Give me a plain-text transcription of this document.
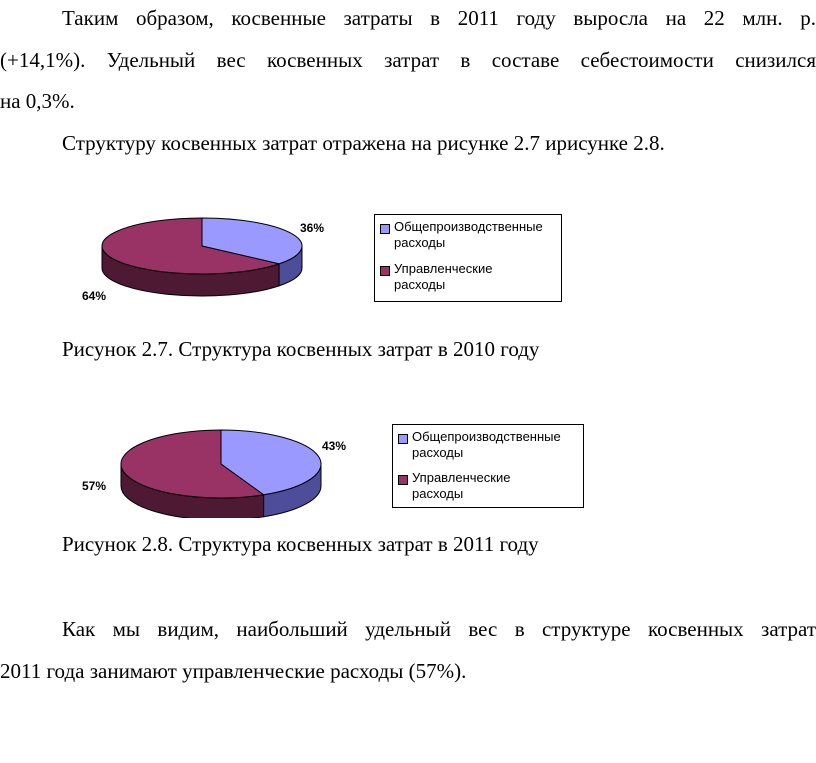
Таким образом, косвенные затраты в 2011 году выросла на 22 млн. р.
(+14,1%). Удельный вес косвенных затрат в составе себестоимости снизился
на 0,3%.
Структуру косвенных затрат отражена на рисунке 2.7 ирисунке 2.8.
36%
64%
Общепроизводственные
расходы
Управленческие
расходы
Рисунок 2.7. Структура косвенных затрат в 2010 году
43%
57%
Общепроизводственные
расходы
Управленческие
расходы
Рисунок 2.8. Структура косвенных затрат в 2011 году
Как мы видим, наибольший удельный вес в структуре косвенных затрат
2011 года занимают управленческие расходы (57%).
